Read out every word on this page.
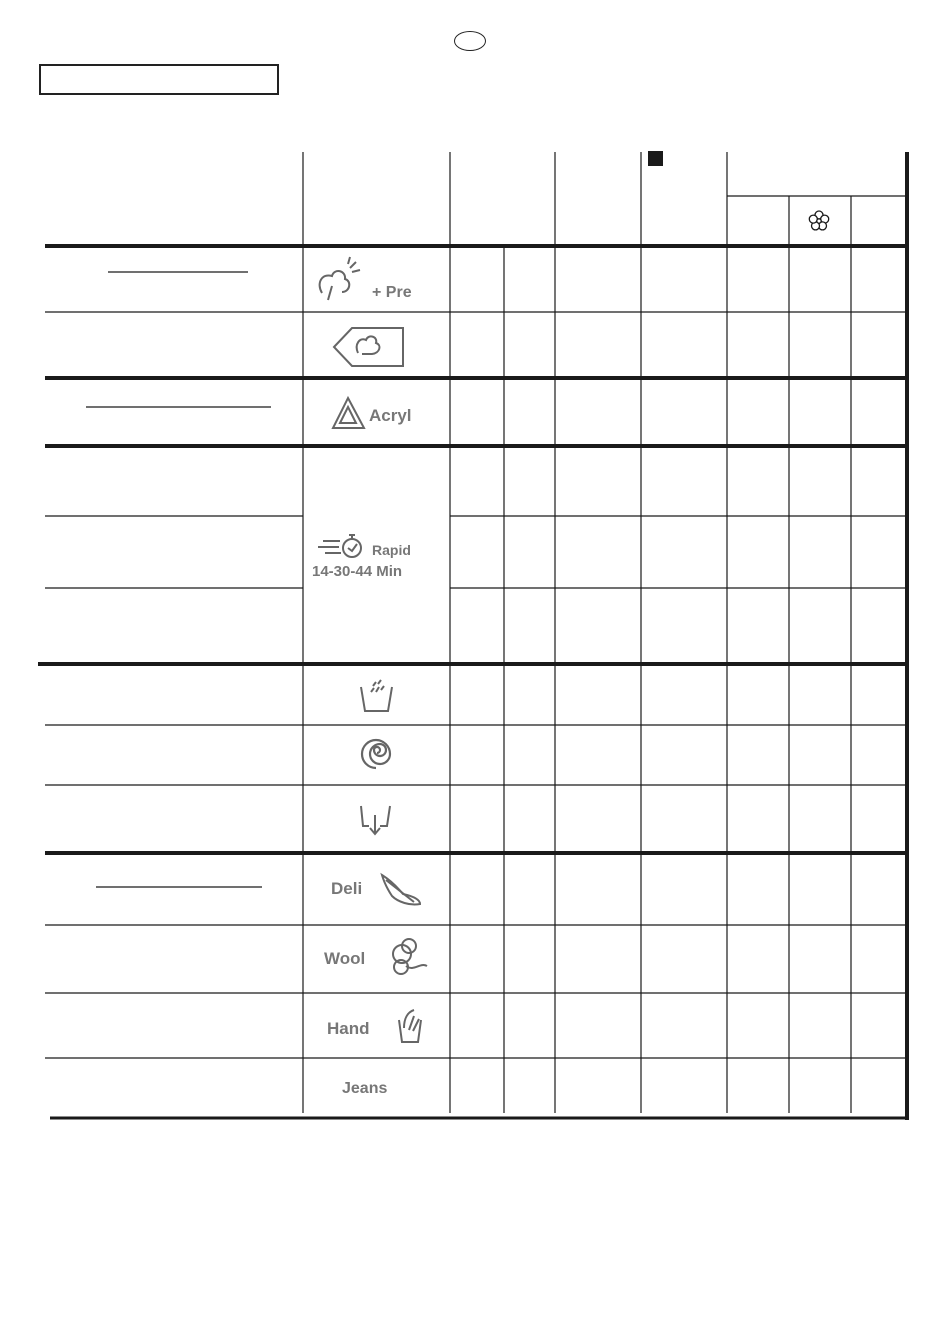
+ Pre
Acryl
Rapid
14-30-44 Min
Deli
Wool
Hand
Jeans
